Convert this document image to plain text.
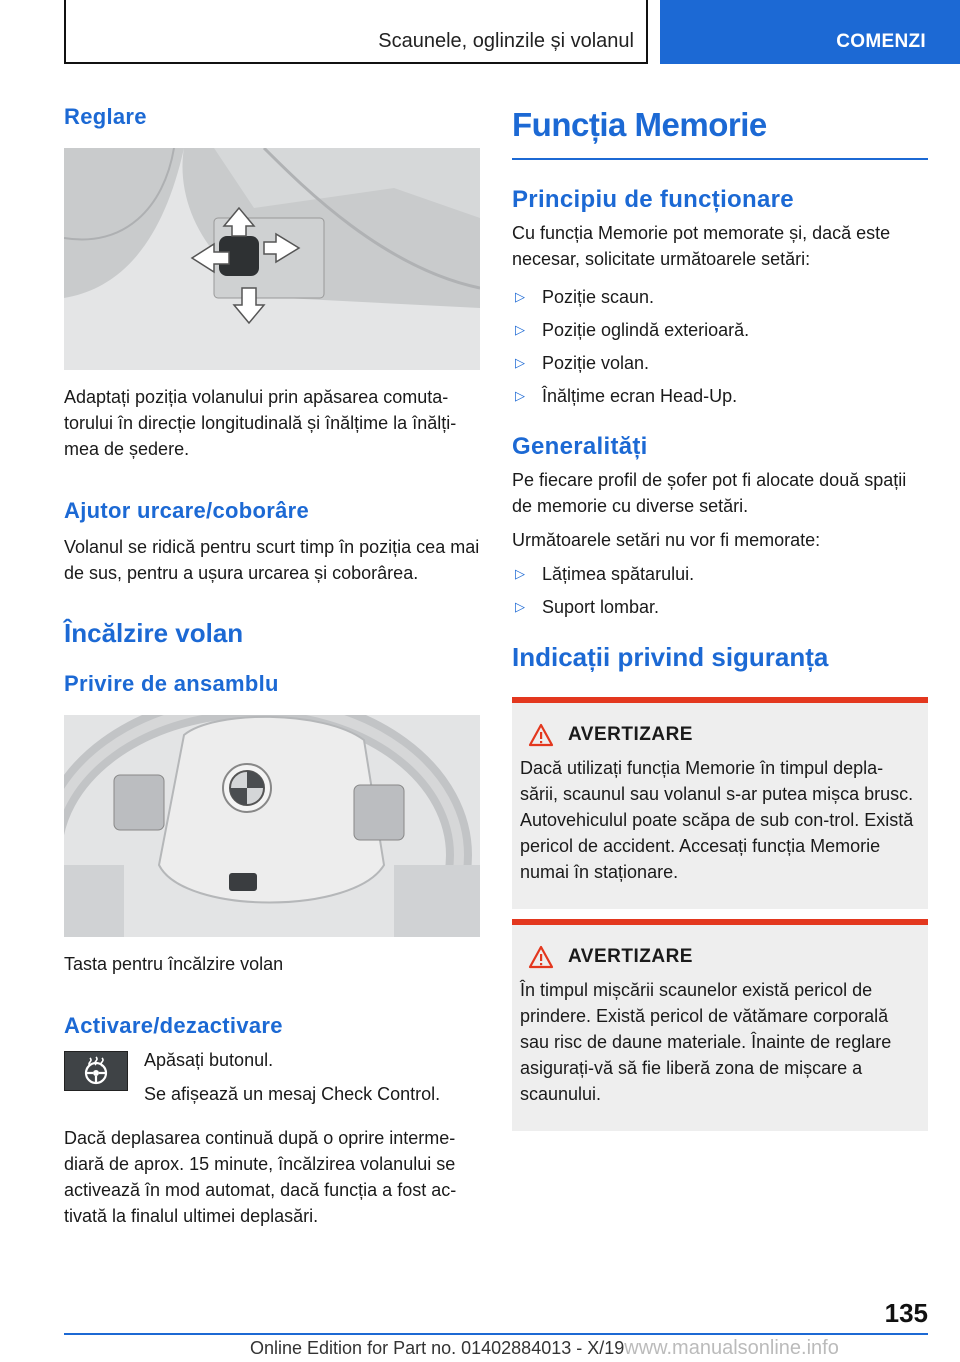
Scaunele, oglinzile și volanul	COMENZI
Reglare

Adaptați poziția volanului prin apăsarea comuta-torului în direcție longitudinală și înălțime la înălți-mea de ședere.

Ajutor urcare/coborâre

Volanul se ridică pentru scurt timp în poziția cea mai de sus, pentru a ușura urcarea și coborârea.

Încălzire volan
Privire de ansamblu

Tasta pentru încălzire volan

Activare/dezactivare

Apăsați butonul.

Se afișează un mesaj Check Control.

Dacă deplasarea continuă după o oprire interme-diară de aprox. 15 minute, încălzirea volanului se activează în mod automat, dacă funcția a fost ac-tivată la finalul ultimei deplasări.

Funcția Memorie
Principiu de funcționare

Cu funcția Memorie pot memorate și, dacă este necesar, solicitate următoarele setări:

▷ Poziție scaun.
▷ Poziție oglindă exterioară.
▷ Poziție volan.
▷ Înălțime ecran Head-Up.
Generalități

Pe fiecare profil de șofer pot fi alocate două spații de memorie cu diverse setări.

Următoarele setări nu vor fi memorate:

▷ Lățimea spătarului.
▷ Suport lombar.
Indicații privind siguranța
AVERTIZARE

Dacă utilizați funcția Memorie în timpul depla-sării, scaunul sau volanul s-ar putea mișca brusc. Autovehiculul poate scăpa de sub con-trol. Există pericol de accident. Accesați funcția Memorie numai în staționare.

AVERTIZARE

În timpul mișcării scaunelor există pericol de prindere. Există pericol de vătămare corporală sau risc de daune materiale. Înainte de reglare asigurați-vă să fie liberă zona de mișcare a scaunului.

135
Online Edition for Part no. 01402884013 - X/19www.manualsonline.info
